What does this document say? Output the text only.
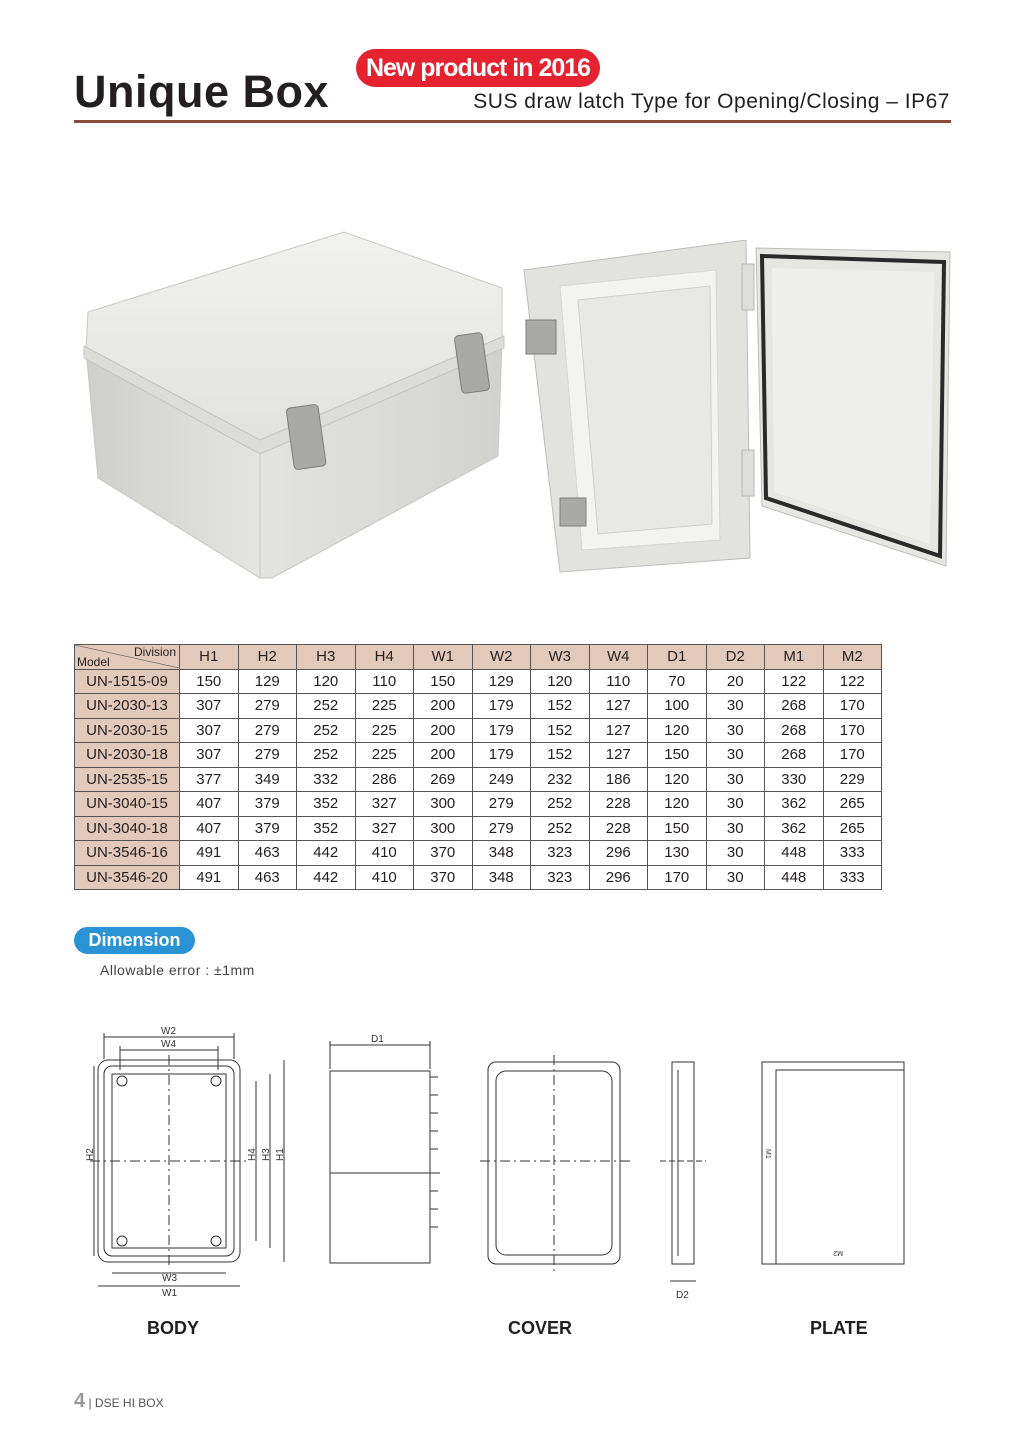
Unique Box	New product in 2016
SUS draw latch Type for Opening/Closing – IP67
Division
Model	H1	H2	H3	H4	W1	W2	W3	W4	D1	D2	M1	M2
UN-1515-09	150	129	120	110	150	129	120	110	70	20	122	122
UN-2030-13	307	279	252	225	200	179	152	127	100	30	268	170
UN-2030-15	307	279	252	225	200	179	152	127	120	30	268	170
UN-2030-18	307	279	252	225	200	179	152	127	150	30	268	170
UN-2535-15	377	349	332	286	269	249	232	186	120	30	330	229
UN-3040-15	407	379	352	327	300	279	252	228	120	30	362	265
UN-3040-18	407	379	352	327	300	279	252	228	150	30	362	265
UN-3546-16	491	463	442	410	370	348	323	296	130	30	448	333
UN-3546-20	491	463	442	410	370	348	323	296	170	30	448	333
Dimension
Allowable error : ±1mm
W2
W4
W3
W1
H2	H4 H3 H1
D1
D2
M1
M2
BODY	COVER	PLATE
4 | DSE HI BOX
